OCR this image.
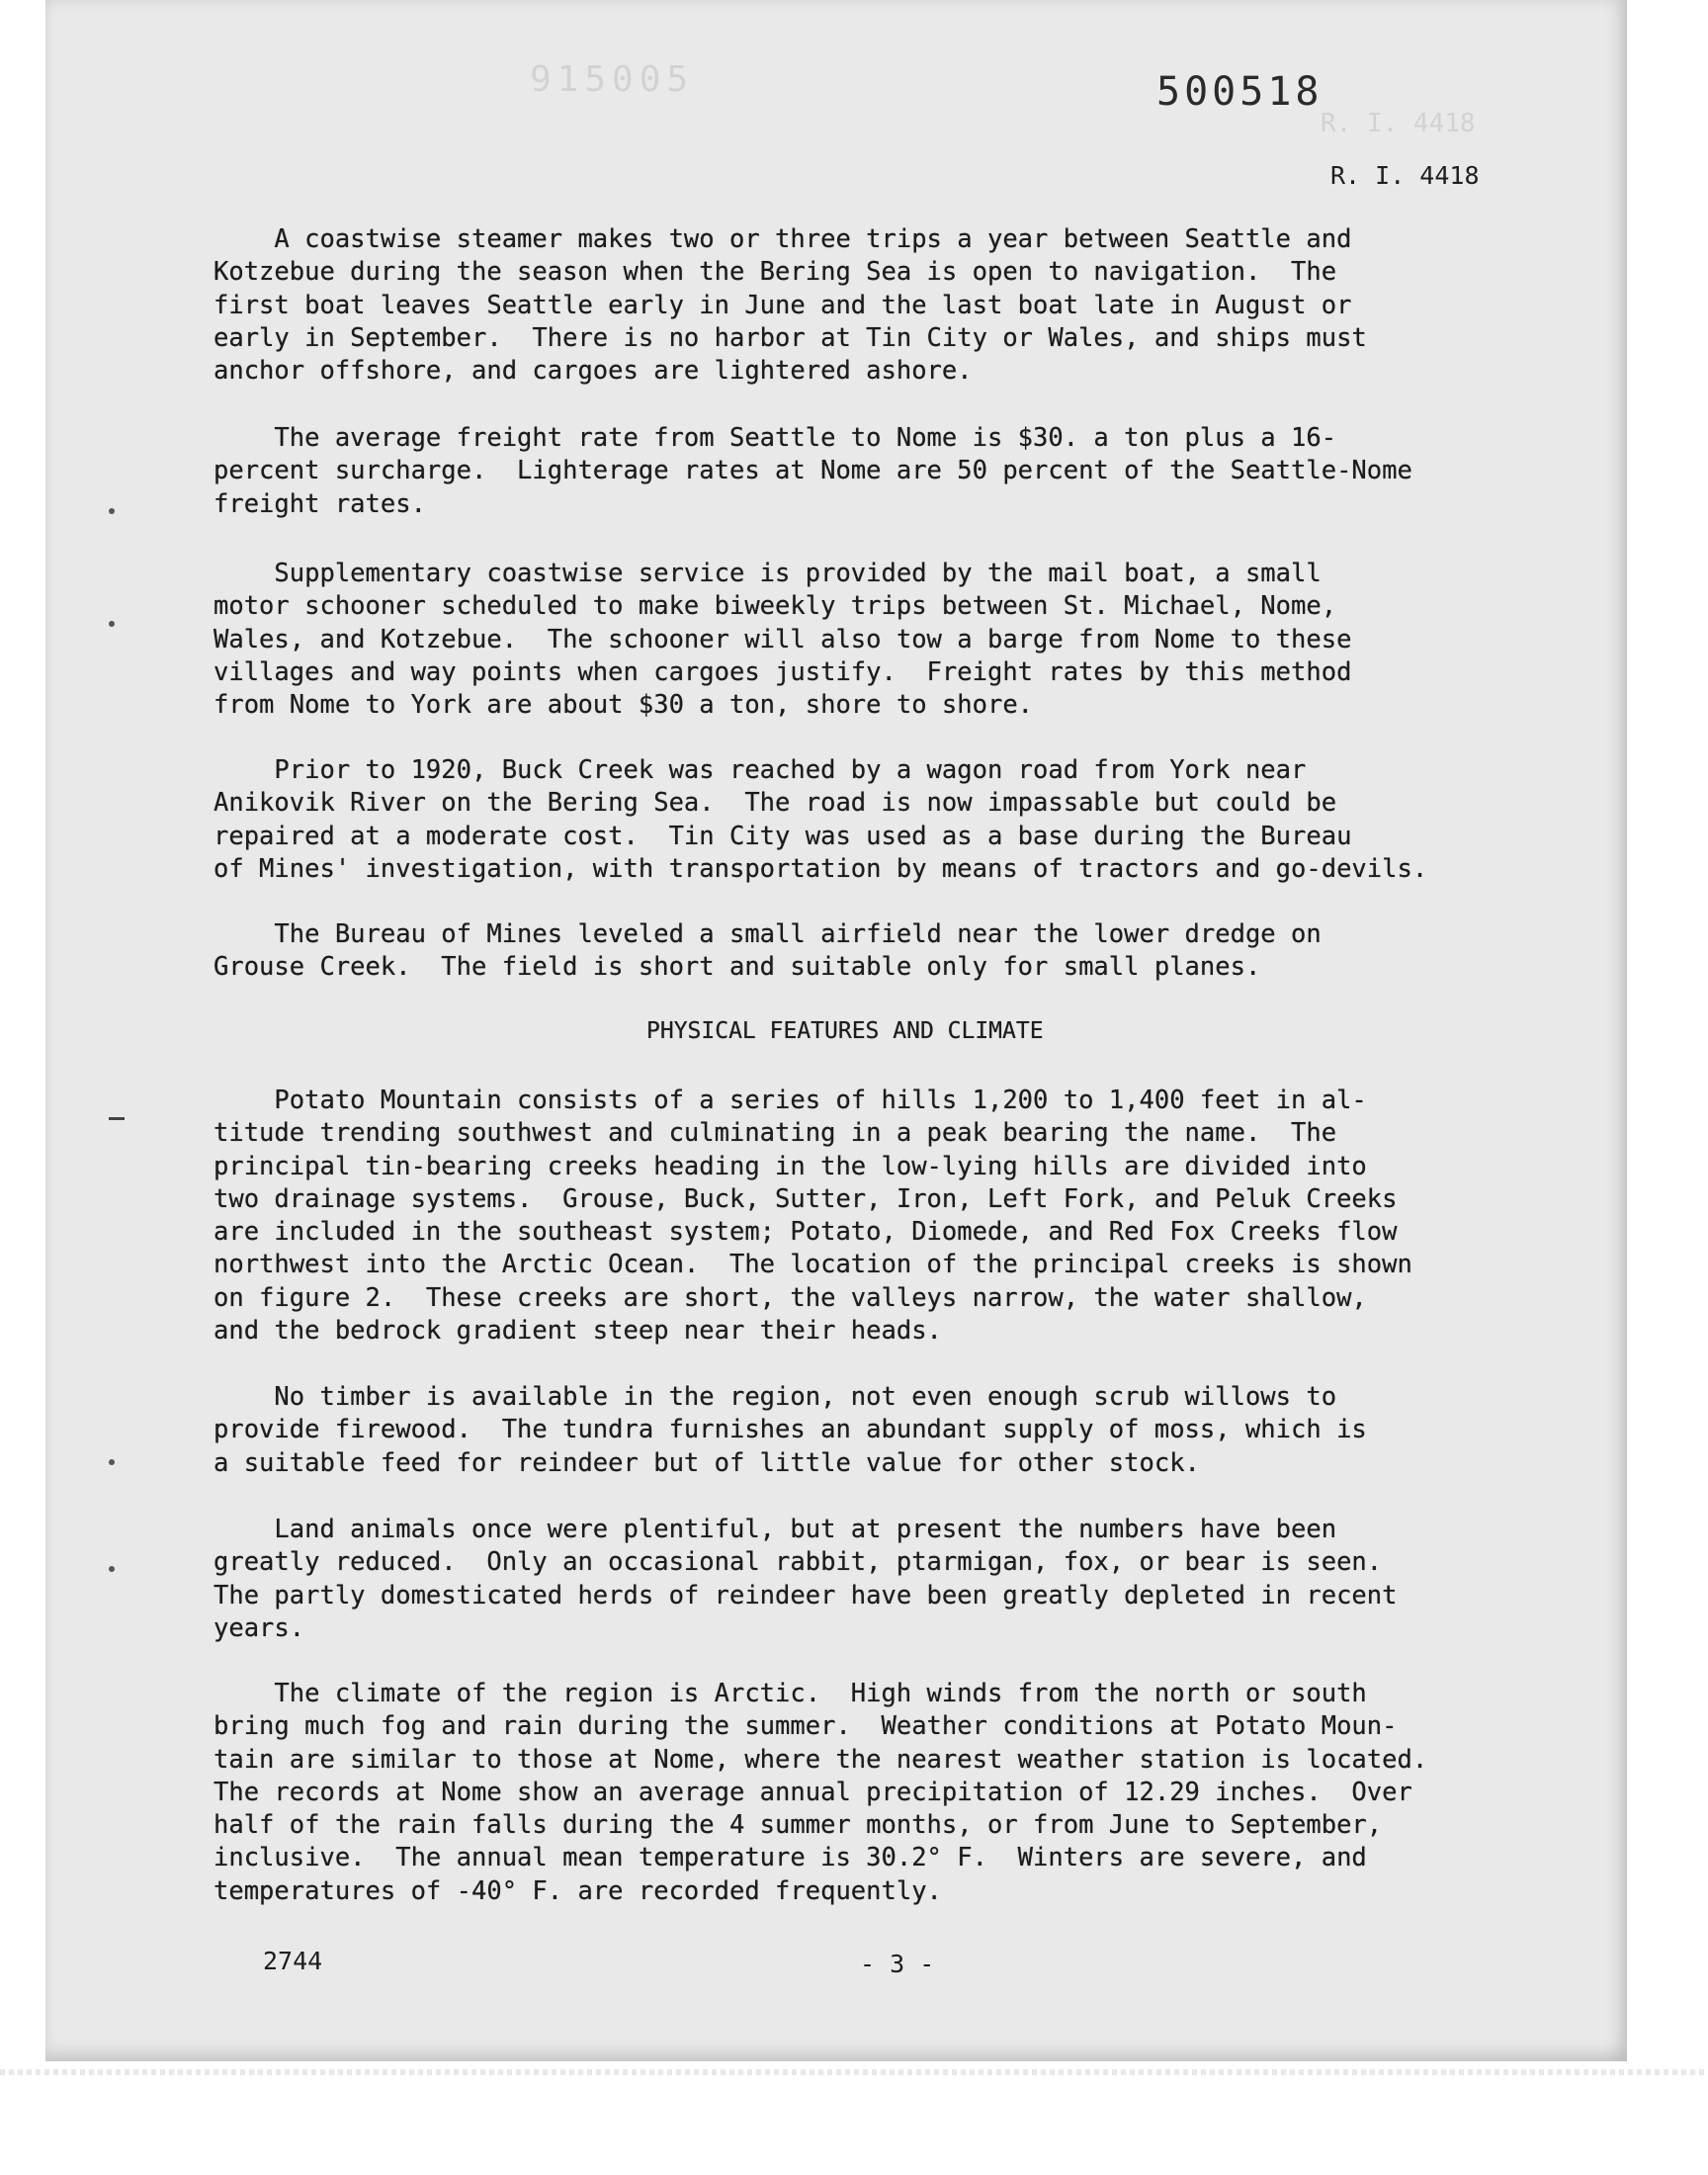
R. I. 4418
915005	500518
R. I. 4418

A coastwise steamer makes two or three trips a year between Seattle and
Kotzebue during the season when the Bering Sea is open to navigation.  The
first boat leaves Seattle early in June and the last boat late in August or
early in September.  There is no harbor at Tin City or Wales, and ships must
anchor offshore, and cargoes are lightered ashore.

The average freight rate from Seattle to Nome is $30. a ton plus a 16-
percent surcharge.  Lighterage rates at Nome are 50 percent of the Seattle-Nome
freight rates.

Supplementary coastwise service is provided by the mail boat, a small
motor schooner scheduled to make biweekly trips between St. Michael, Nome,
Wales, and Kotzebue.  The schooner will also tow a barge from Nome to these
villages and way points when cargoes justify.  Freight rates by this method
from Nome to York are about $30 a ton, shore to shore.

Prior to 1920, Buck Creek was reached by a wagon road from York near
Anikovik River on the Bering Sea.  The road is now impassable but could be
repaired at a moderate cost.  Tin City was used as a base during the Bureau
of Mines' investigation, with transportation by means of tractors and go-devils.

The Bureau of Mines leveled a small airfield near the lower dredge on
Grouse Creek.  The field is short and suitable only for small planes.

PHYSICAL FEATURES AND CLIMATE

Potato Mountain consists of a series of hills 1,200 to 1,400 feet in al-
titude trending southwest and culminating in a peak bearing the name.  The
principal tin-bearing creeks heading in the low-lying hills are divided into
two drainage systems.  Grouse, Buck, Sutter, Iron, Left Fork, and Peluk Creeks
are included in the southeast system; Potato, Diomede, and Red Fox Creeks flow
northwest into the Arctic Ocean.  The location of the principal creeks is shown
on figure 2.  These creeks are short, the valleys narrow, the water shallow,
and the bedrock gradient steep near their heads.

No timber is available in the region, not even enough scrub willows to
provide firewood.  The tundra furnishes an abundant supply of moss, which is
a suitable feed for reindeer but of little value for other stock.

Land animals once were plentiful, but at present the numbers have been
greatly reduced.  Only an occasional rabbit, ptarmigan, fox, or bear is seen.
The partly domesticated herds of reindeer have been greatly depleted in recent
years.

The climate of the region is Arctic.  High winds from the north or south
bring much fog and rain during the summer.  Weather conditions at Potato Moun-
tain are similar to those at Nome, where the nearest weather station is located.
The records at Nome show an average annual precipitation of 12.29 inches.  Over
half of the rain falls during the 4 summer months, or from June to September,
inclusive.  The annual mean temperature is 30.2° F.  Winters are severe, and
temperatures of -40° F. are recorded frequently.

2744	- 3 -
